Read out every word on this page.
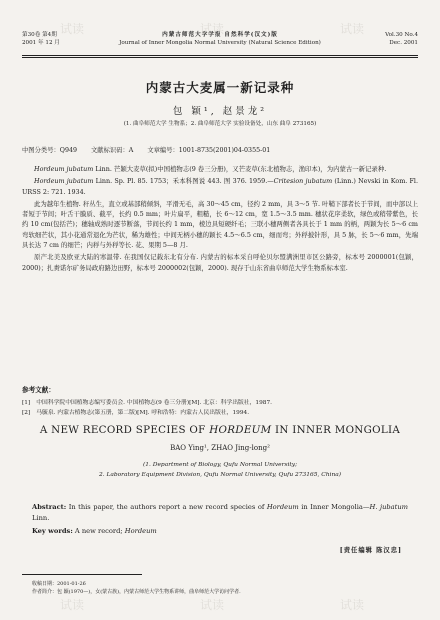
第30卷 第4期
2001 年 12 月
内蒙古师范大学学报 自然科学(汉文)版
Journal of Inner Mongolia Normal University (Natural Science Edition)
Vol.30 No.4
Dec. 2001
内蒙古大麦属一新记录种
包 颖¹, 赵景龙²
(1. 曲阜师范大学 生物系；2. 曲阜师范大学 实验设备处，山东 曲阜 273165)
中图分类号：Q949 文献标识码：A 文章编号：1001-8735(2001)04-0355-01

Hordeum jubatum Linn. 芒颖大麦草(拟)中国植物志(9 卷三分册)，又芒麦草(东北植物志，渔印本)，为内蒙古一新记录种.

Hordeum jubatum Linn. Sp. Pl. 85. 1753；禾本科图说 443. 图 376. 1959.—Critesion jubatum (Linn.) Nevski in Kom. Fl. URSS 2: 721. 1934.

此为越年生植物. 秆丛生，直立或基部稍倾斜，平滑无毛，高 30～45 cm，径约 2 mm，具 3～5 节. 叶鞘下部者长于节间，而中部以上者短于节间；叶舌干膜质、截平，长约 0.5 mm；叶片扁平，粗糙，长 6～12 cm，宽 1.5～3.5 mm. 穗状花序柔软，绿色或稍带紫色，长约 10 cm(包括芒)；穗轴成熟时逐节断落，节间长约 1 mm，棱边具短硬纤毛；三联小穗两侧者各具长于 1 mm 的柄，两颖为长 5～6 cm 弯软细芒状，其小花通常退化为芒状，稀为雄性；中间无柄小穗的颖长 4.5～6.5 cm，细而弯；外稃披针形，具 5 脉，长 5～6 mm，先端具长达 7 cm 的细芒；内稃与外稃等长. 花、果期 5—8 月.

原产北美及欧亚大陆的寒温带. 在我国仅记载东北有分布. 内蒙古的标本采自呼伦贝尔盟满洲里市区公路旁，标本号 2000001(包颖，2000)；扎赉诺尔矿务局政府路边田野，标本号 2000002(包颖，2000). 现存于山东省曲阜师范大学生物系标本室.

参考文献：
[1] 中国科学院中国植物志编写委员会. 中国植物志(9 卷三分册)[M]. 北京：科学出版社，1987.
[2] 马毓泉. 内蒙古植物志(第五册，第二版)[M]. 呼和浩特：内蒙古人民出版社，1994.
A NEW RECORD SPECIES OF HORDEUM IN INNER MONGOLIA
BAO Ying¹, ZHAO Jing-long²
(1. Department of Biology, Qufu Normal University;
2. Laboratory Equipment Division, Qufu Normal University, Qufu 273165, China)
Abstract: In this paper, the authors report a new record species of Hordeum in Inner Mongolia—H. jubatum Linn.
Key words: A new record; Hordeum
[责任编辑 陈汉忠]
收稿日期：2001-01-26
作者简介：包 颖(1970—)，女(蒙古族)，内蒙古师范大学生物系讲师，曲阜师范大学访问学者.
试读	试读	试读
试读	试读	试读
